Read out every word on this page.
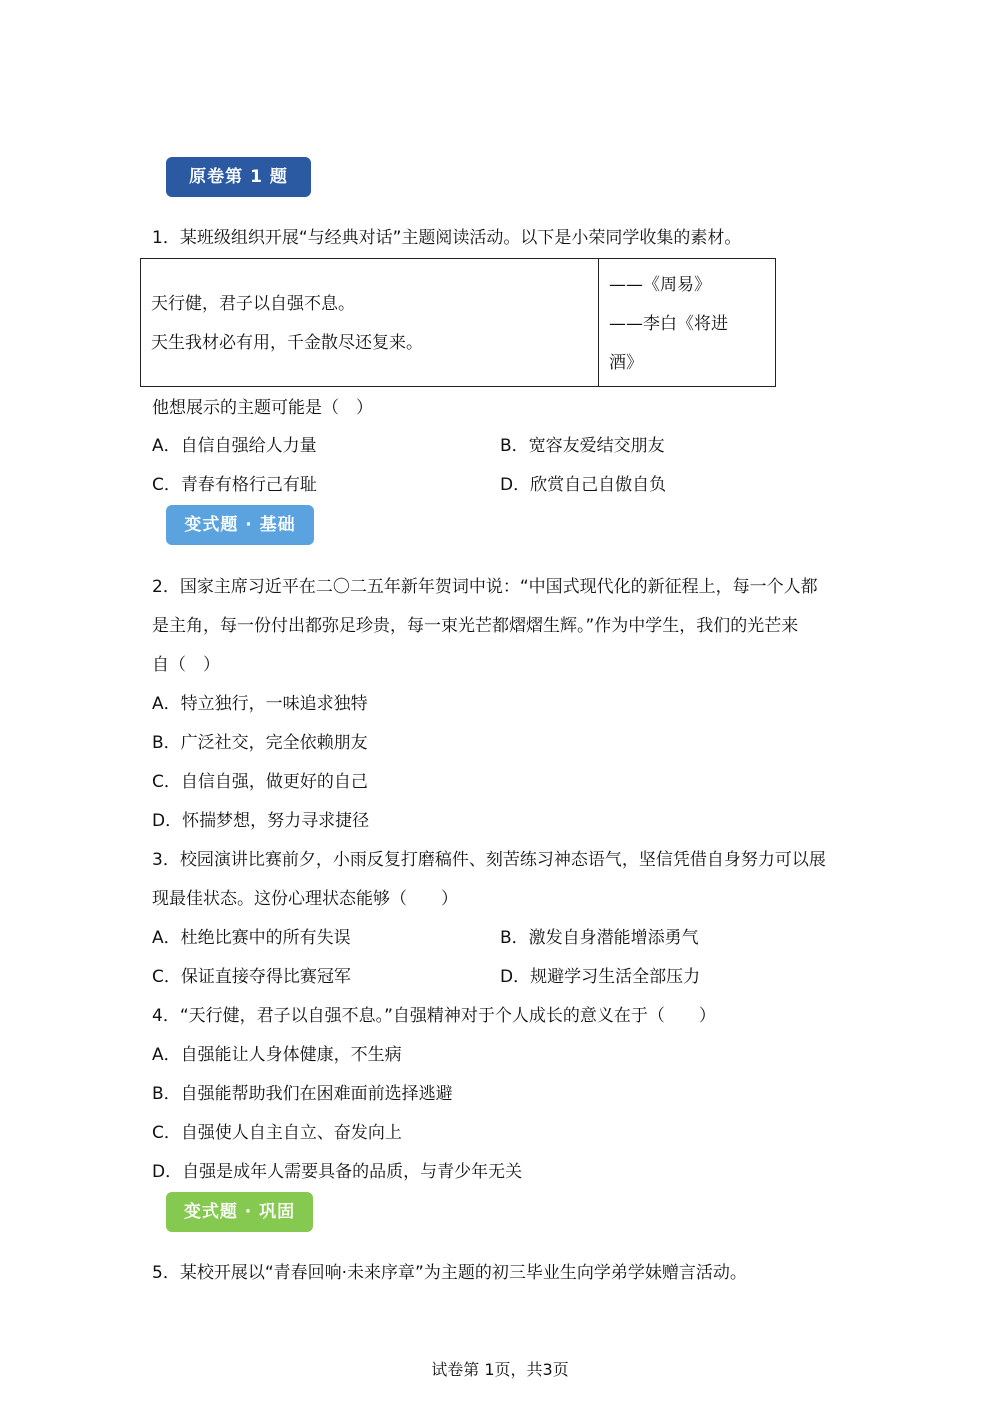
原卷第 1 题
1．某班级组织开展“与经典对话”主题阅读活动。以下是小荣同学收集的素材。
天行健，君子以自强不息。
天生我材必有用，千金散尽还复来。

——《周易》
——李白《将进
酒》
他想展示的主题可能是（　）
A．自信自强给人力量	B．宽容友爱结交朋友
C．青春有格行己有耻	D．欣赏自己自傲自负
变式题 · 基础
2．国家主席习近平在二〇二五年新年贺词中说：“中国式现代化的新征程上，每一个人都
是主角，每一份付出都弥足珍贵，每一束光芒都熠熠生辉。”作为中学生，我们的光芒来
自（　）
A．特立独行，一味追求独特
B．广泛社交，完全依赖朋友
C．自信自强，做更好的自己
D．怀揣梦想，努力寻求捷径
3．校园演讲比赛前夕，小雨反复打磨稿件、刻苦练习神态语气，坚信凭借自身努力可以展
现最佳状态。这份心理状态能够（　　）
A．杜绝比赛中的所有失误	B．激发自身潜能增添勇气
C．保证直接夺得比赛冠军	D．规避学习生活全部压力
4．“天行健，君子以自强不息。”自强精神对于个人成长的意义在于（　　）
A．自强能让人身体健康，不生病
B．自强能帮助我们在困难面前选择逃避
C．自强使人自主自立、奋发向上
D．自强是成年人需要具备的品质，与青少年无关
变式题 · 巩固
5．某校开展以“青春回响·未来序章”为主题的初三毕业生向学弟学妹赠言活动。
试卷第 1页，共3页
